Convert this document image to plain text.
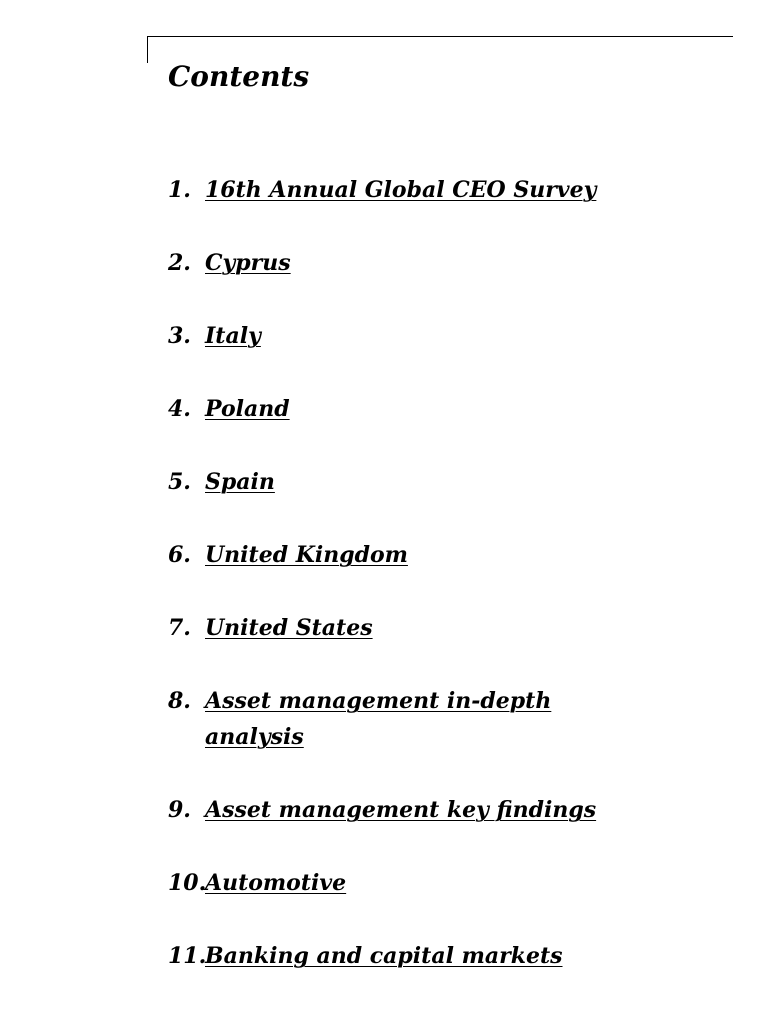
Contents
1. 16th Annual Global CEO Survey
2. Cyprus
3. Italy
4. Poland
5. Spain
6. United Kingdom
7. United States
8. Asset management in-depth analysis
9. Asset management key findings
10.
Automotive
11.
Banking and capital markets
